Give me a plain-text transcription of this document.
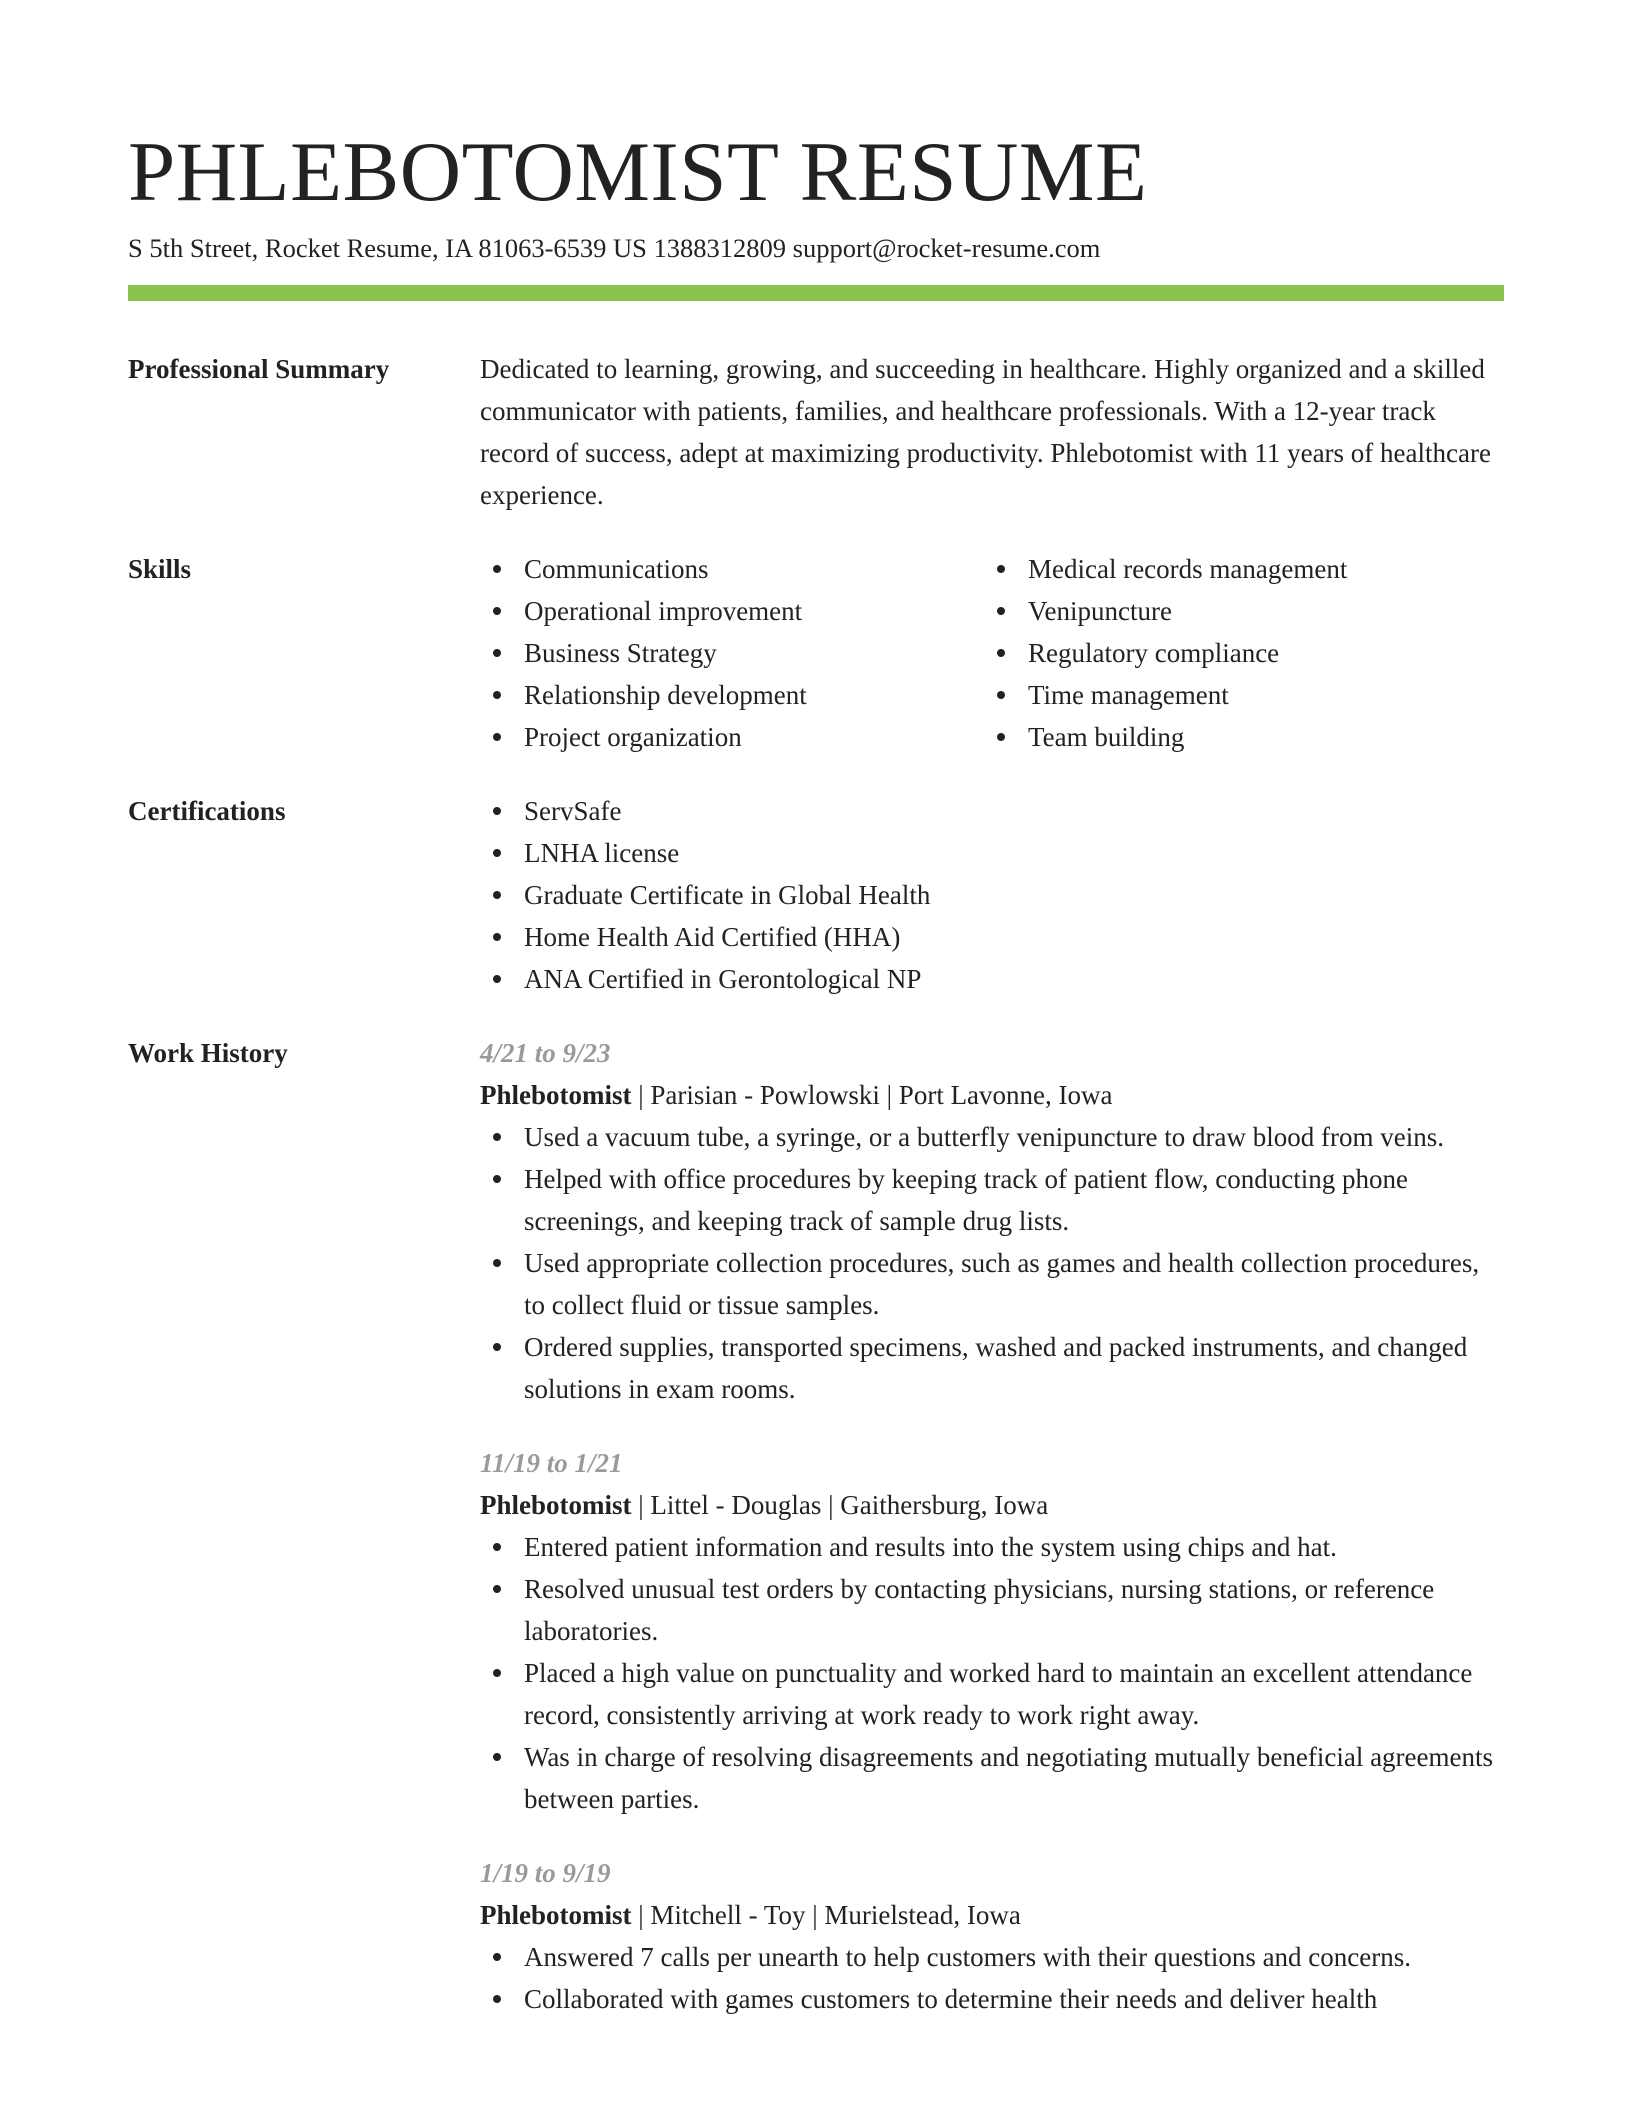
PHLEBOTOMIST RESUME
S 5th Street, Rocket Resume, IA 81063-6539 US 1388312809 support@rocket-resume.com
Professional Summary	Dedicated to learning, growing, and succeeding in healthcare. Highly organized and a skilled communicator with patients, families, and healthcare professionals. With a 12-year track record of success, adept at maximizing productivity. Phlebotomist with 11 years of healthcare experience.

Skills	Communications
Operational improvement
Business Strategy
Relationship development
Project organization
Medical records management
Venipuncture
Regulatory compliance
Time management
Team building
Certifications	ServSafe
LNHA license
Graduate Certificate in Global Health
Home Health Aid Certified (HHA)
ANA Certified in Gerontological NP
Work History	4/21 to 9/23
Phlebotomist | Parisian - Powlowski | Port Lavonne, Iowa
Used a vacuum tube, a syringe, or a butterfly venipuncture to draw blood from veins.
Helped with office procedures by keeping track of patient flow, conducting phone screenings, and keeping track of sample drug lists.
Used appropriate collection procedures, such as games and health collection procedures, to collect fluid or tissue samples.
Ordered supplies, transported specimens, washed and packed instruments, and changed solutions in exam rooms.
11/19 to 1/21
Phlebotomist | Littel - Douglas | Gaithersburg, Iowa
Entered patient information and results into the system using chips and hat.
Resolved unusual test orders by contacting physicians, nursing stations, or reference laboratories.
Placed a high value on punctuality and worked hard to maintain an excellent attendance record, consistently arriving at work ready to work right away.
Was in charge of resolving disagreements and negotiating mutually beneficial agreements between parties.
1/19 to 9/19
Phlebotomist | Mitchell - Toy | Murielstead, Iowa
Answered 7 calls per unearth to help customers with their questions and concerns.
Collaborated with games customers to determine their needs and deliver health
